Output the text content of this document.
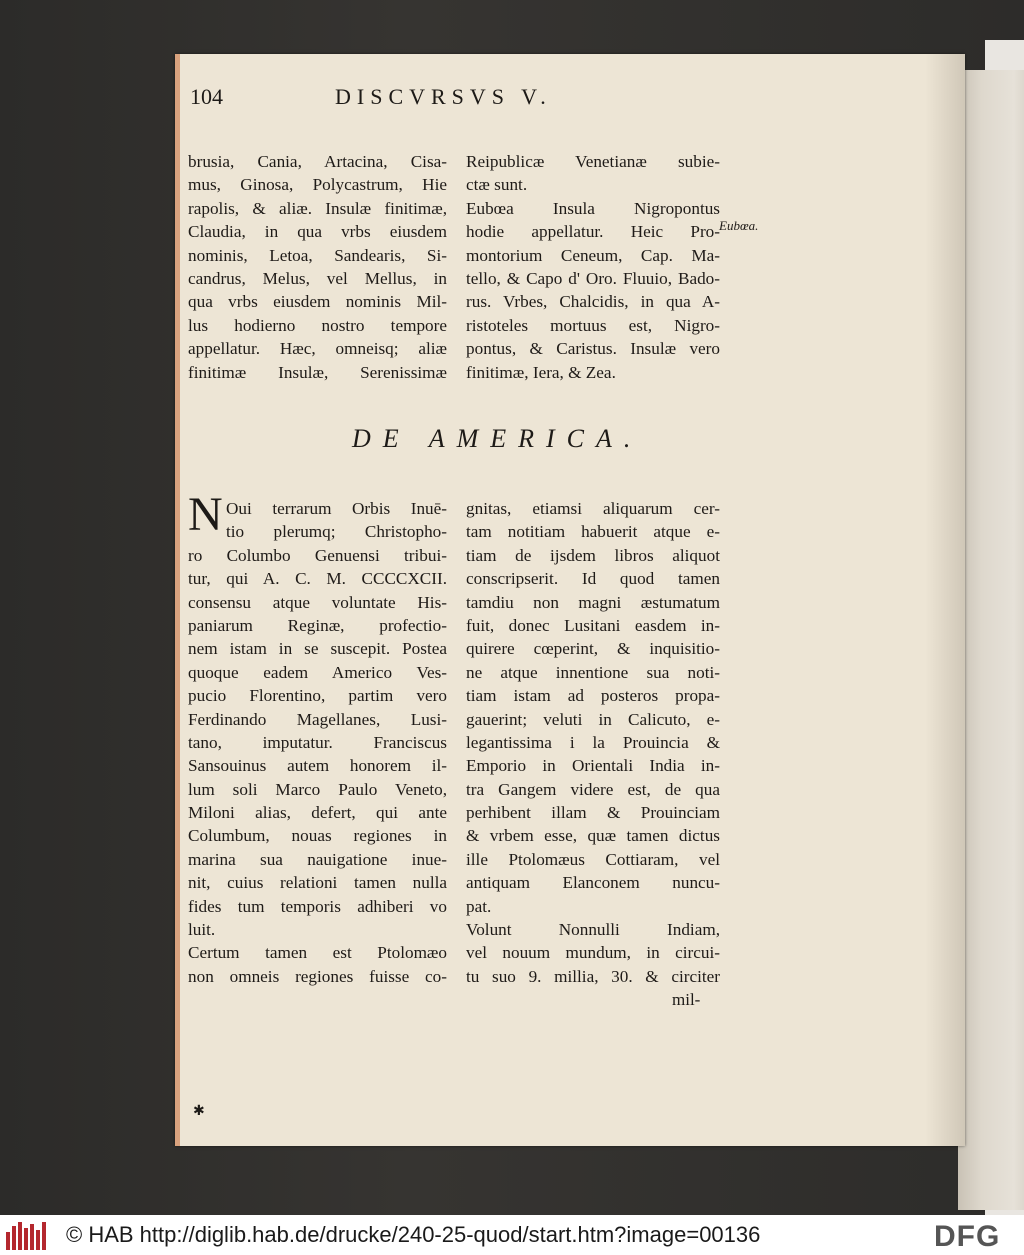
104	DISCVRSVS V.
brusia, Cania, Artacina, Cisa-
mus, Ginosa, Polycastrum, Hie
rapolis, & aliæ. Insulæ finitimæ,
Claudia, in qua vrbs eiusdem
nominis, Letoa, Sandearis, Si-
candrus, Melus, vel Mellus, in
qua vrbs eiusdem nominis Mil-
lus hodierno nostro tempore
appellatur. Hæc, omneisq; aliæ
finitimæ Insulæ, Serenissimæ
Reipublicæ Venetianæ subie-
ctæ sunt.
Eubœa Insula Nigropontus
hodie appellatur. Heic Pro-
montorium Ceneum, Cap. Ma-
tello, & Capo d' Oro. Fluuio, Bado-
rus. Vrbes, Chalcidis, in qua A-
ristoteles mortuus est, Nigro-
pontus, & Caristus. Insulæ vero
finitimæ, Iera, & Zea.
Eubœa.
DE AMERICA.
N Oui terrarum Orbis Inuē-
tio plerumq; Christopho-
ro Columbo Genuensi tribui-
tur, qui A. C. M. CCCCXCII.
consensu atque voluntate His-
paniarum Reginæ, profectio-
nem istam in se suscepit. Postea
quoque eadem Americo Ves-
pucio Florentino, partim vero
Ferdinando Magellanes, Lusi-
tano, imputatur. Franciscus
Sansouinus autem honorem il-
lum soli Marco Paulo Veneto,
Miloni alias, defert, qui ante
Columbum, nouas regiones in
marina sua nauigatione inue-
nit, cuius relationi tamen nulla
fides tum temporis adhiberi vo
luit.
Certum tamen est Ptolomæo
non omneis regiones fuisse co-
gnitas, etiamsi aliquarum cer-
tam notitiam habuerit atque e-
tiam de ijsdem libros aliquot
conscripserit. Id quod tamen
tamdiu non magni æstumatum
fuit, donec Lusitani easdem in-
quirere cœperint, & inquisitio-
ne atque innentione sua noti-
tiam istam ad posteros propa-
gauerint; veluti in Calicuto, e-
legantissima i la Prouincia &
Emporio in Orientali India in-
tra Gangem videre est, de qua
perhibent illam & Prouinciam
& vrbem esse, quæ tamen dictus
ille Ptolomæus Cottiaram, vel
antiquam Elanconem nuncu-
pat.
Volunt Nonnulli Indiam,
vel nouum mundum, in circui-
tu suo 9. millia, 30. & circiter
mil-
✱
© HAB http://diglib.hab.de/drucke/240-25-quod/start.htm?image=00136	DFG
